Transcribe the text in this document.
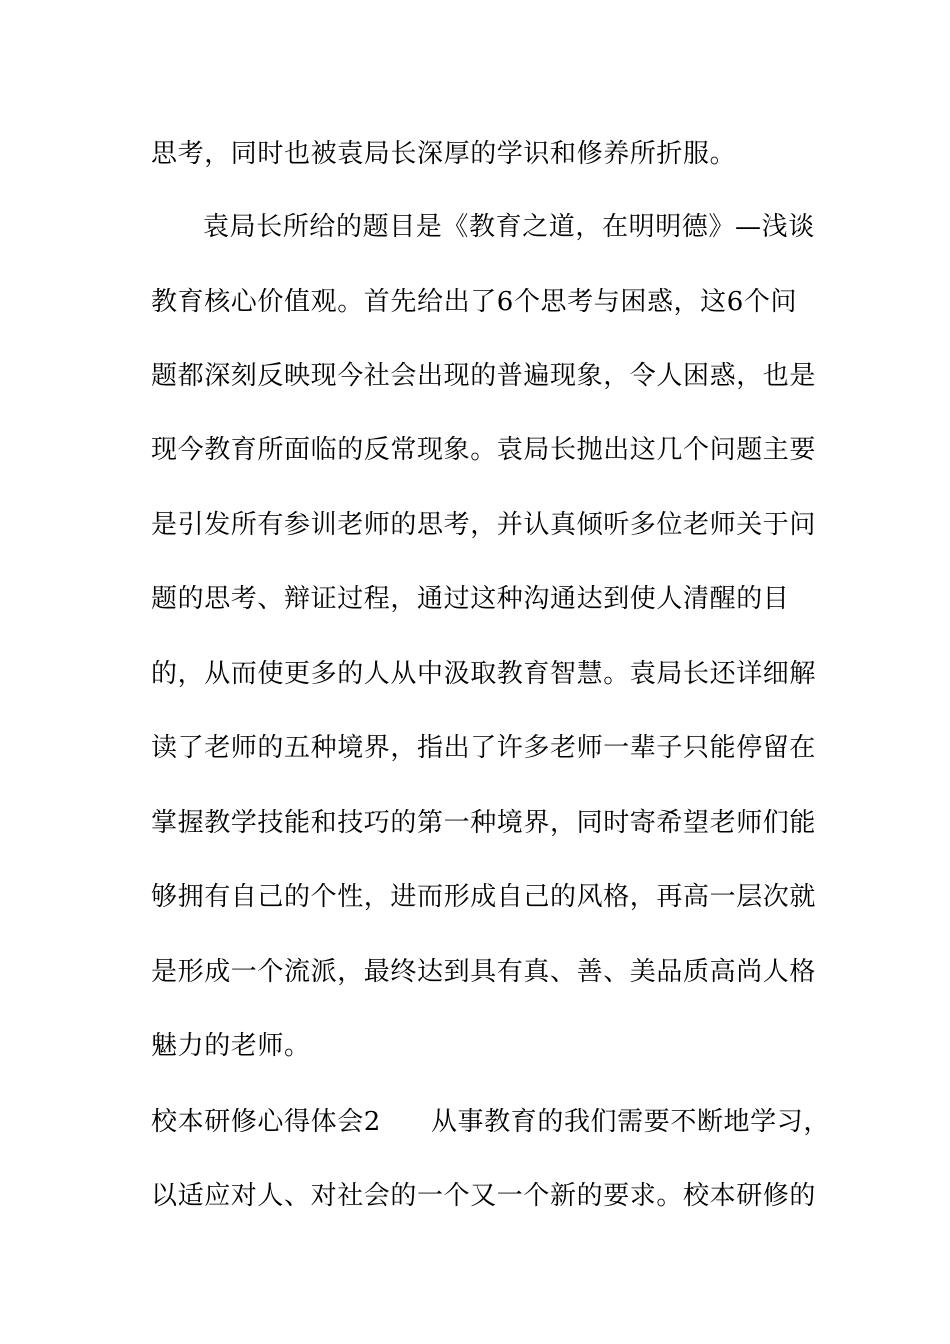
思考，同时也被袁局长深厚的学识和修养所折服。
袁局长所给的题目是《教育之道，在明明德》—浅谈
教育核心价值观。首先给出了6个思考与困惑，这6个问
题都深刻反映现今社会出现的普遍现象，令人困惑，也是
现今教育所面临的反常现象。袁局长抛出这几个问题主要
是引发所有参训老师的思考，并认真倾听多位老师关于问
题的思考、辩证过程，通过这种沟通达到使人清醒的目
的，从而使更多的人从中汲取教育智慧。袁局长还详细解
读了老师的五种境界，指出了许多老师一辈子只能停留在
掌握教学技能和技巧的第一种境界，同时寄希望老师们能
够拥有自己的个性，进而形成自己的风格，再高一层次就
是形成一个流派，最终达到具有真、善、美品质高尚人格
魅力的老师。
校本研修心得体会2 从事教育的我们需要不断地学习，
以适应对人、对社会的一个又一个新的要求。校本研修的
